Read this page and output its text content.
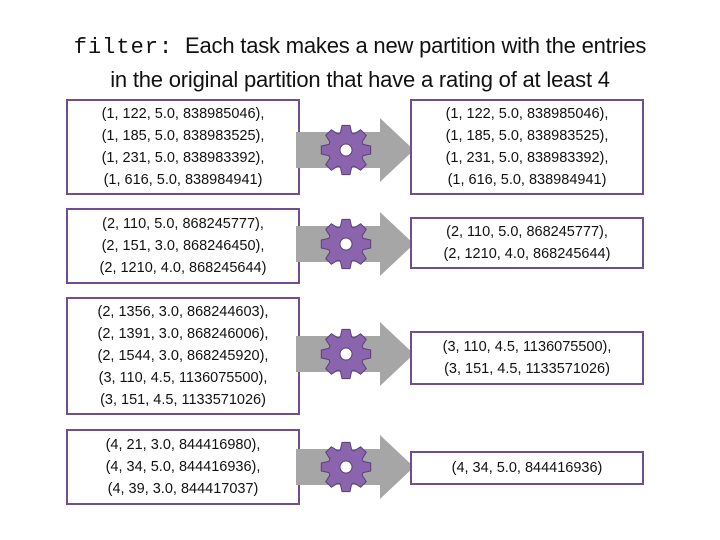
filter: Each task makes a new partition with the entries
in the original partition that have a rating of at least 4
(1, 122, 5.0, 838985046),
(1, 185, 5.0, 838983525),
(1, 231, 5.0, 838983392),
(1, 616, 5.0, 838984941)
(1, 122, 5.0, 838985046),
(1, 185, 5.0, 838983525),
(1, 231, 5.0, 838983392),
(1, 616, 5.0, 838984941)
(2, 110, 5.0, 868245777),
(2, 151, 3.0, 868246450),
(2, 1210, 4.0, 868245644)
(2, 110, 5.0, 868245777),
(2, 1210, 4.0, 868245644)
(2, 1356, 3.0, 868244603),
(2, 1391, 3.0, 868246006),
(2, 1544, 3.0, 868245920),
(3, 110, 4.5, 1136075500),
(3, 151, 4.5, 1133571026)
(3, 110, 4.5, 1136075500),
(3, 151, 4.5, 1133571026)
(4, 21, 3.0, 844416980),
(4, 34, 5.0, 844416936),
(4, 39, 3.0, 844417037)
(4, 34, 5.0, 844416936)
